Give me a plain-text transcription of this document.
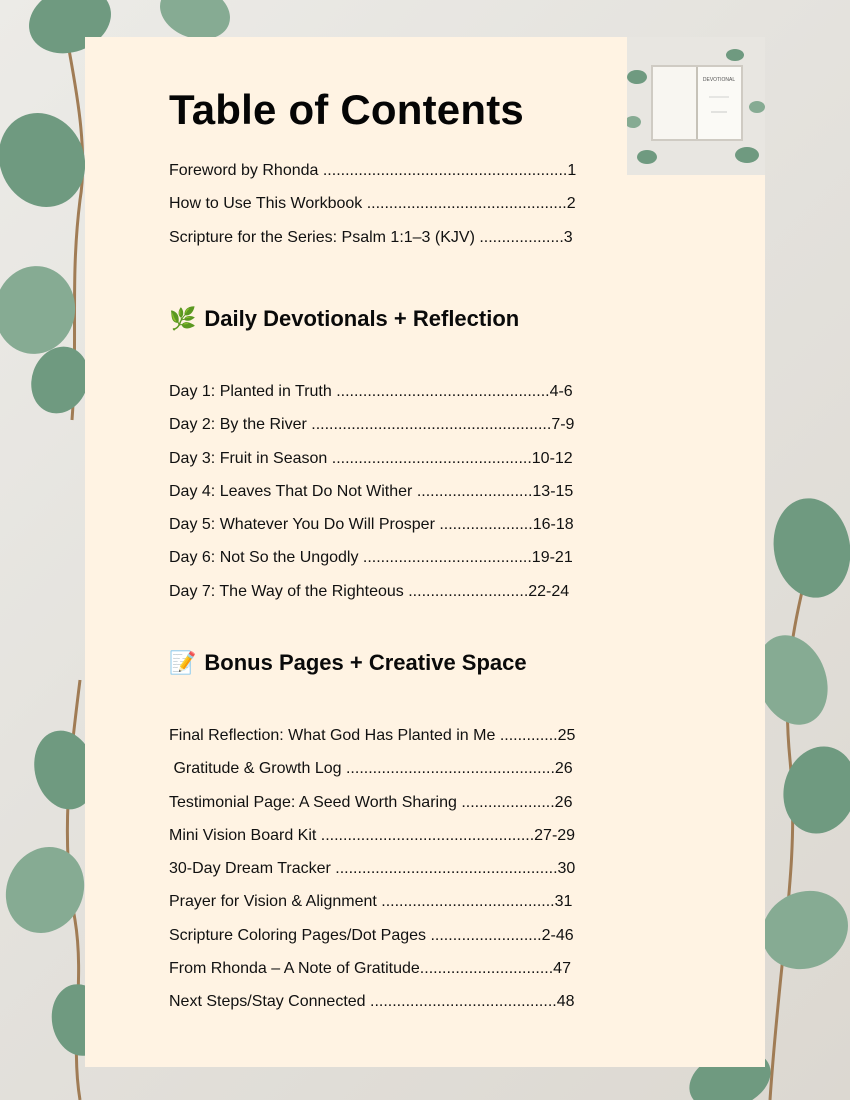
DEVOTIONAL
Table of Contents
Foreword by Rhonda .......................................................1
How to Use This Workbook .............................................2
Scripture for the Series: Psalm 1:1–3 (KJV) ...................3
🌿 Daily Devotionals + Reflection
Day 1: Planted in Truth ................................................4-6
Day 2: By the River ......................................................7-9
Day 3: Fruit in Season .............................................10-12
Day 4: Leaves That Do Not Wither ..........................13-15
Day 5: Whatever You Do Will Prosper .....................16-18
Day 6: Not So the Ungodly ......................................19-21
Day 7: The Way of the Righteous ...........................22-24
📝 Bonus Pages + Creative Space
Final Reflection: What God Has Planted in Me .............25
Gratitude & Growth Log ...............................................26
Testimonial Page: A Seed Worth Sharing .....................26
Mini Vision Board Kit ................................................27-29
30-Day Dream Tracker ..................................................30
Prayer for Vision & Alignment .......................................31
Scripture Coloring Pages/Dot Pages .........................2-46
From Rhonda – A Note of Gratitude..............................47
Next Steps/Stay Connected ..........................................48
